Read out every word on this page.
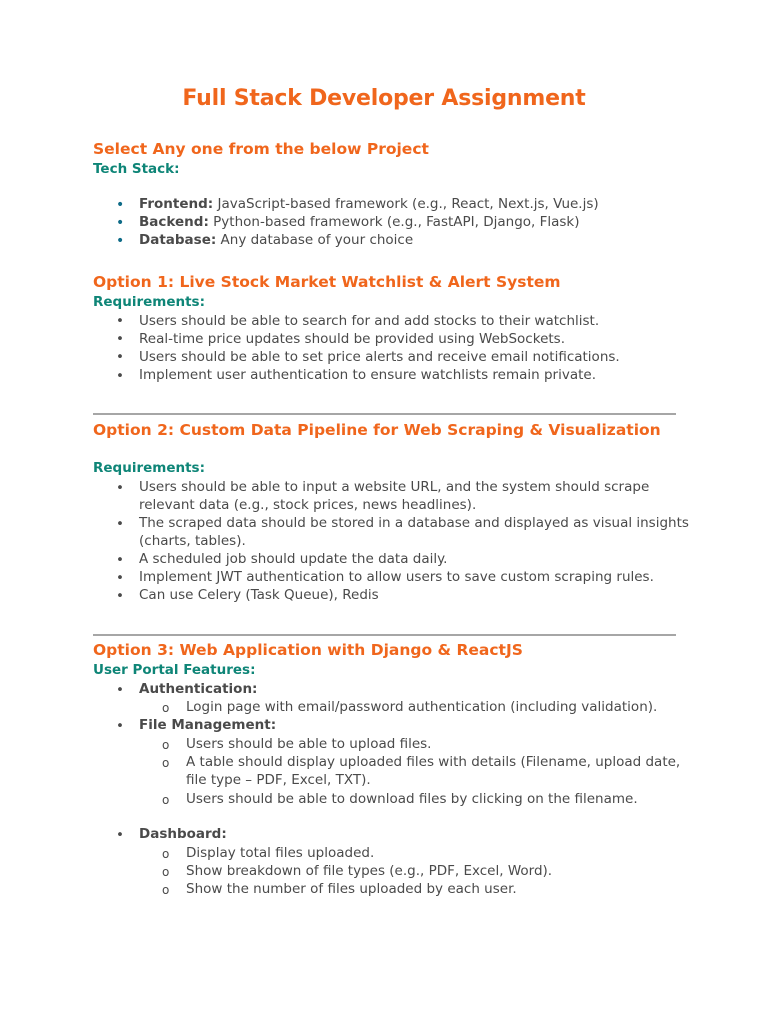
Full Stack Developer Assignment
Select Any one from the below Project
Tech Stack:
• Frontend: JavaScript-based framework (e.g., React, Next.js, Vue.js)
• Backend: Python-based framework (e.g., FastAPI, Django, Flask)
• Database: Any database of your choice
Option 1: Live Stock Market Watchlist & Alert System
Requirements:
• Users should be able to search for and add stocks to their watchlist.
• Real-time price updates should be provided using WebSockets.
• Users should be able to set price alerts and receive email notifications.
• Implement user authentication to ensure watchlists remain private.
Option 2: Custom Data Pipeline for Web Scraping & Visualization
Requirements:
• Users should be able to input a website URL, and the system should scrape
relevant data (e.g., stock prices, news headlines).
• The scraped data should be stored in a database and displayed as visual insights
(charts, tables).
• A scheduled job should update the data daily.
• Implement JWT authentication to allow users to save custom scraping rules.
• Can use Celery (Task Queue), Redis
Option 3: Web Application with Django & ReactJS
User Portal Features:
• Authentication:
o Login page with email/password authentication (including validation).
• File Management:
o Users should be able to upload files.
o A table should display uploaded files with details (Filename, upload date,
file type – PDF, Excel, TXT).
o Users should be able to download files by clicking on the filename.
• Dashboard:
o Display total files uploaded.
o Show breakdown of file types (e.g., PDF, Excel, Word).
o Show the number of files uploaded by each user.
